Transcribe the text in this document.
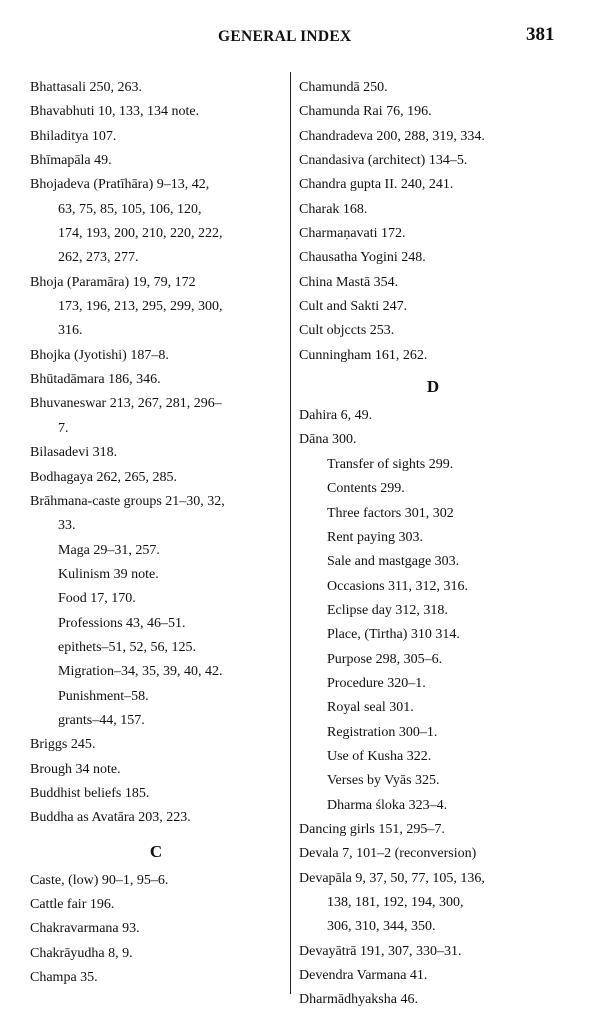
GENERAL INDEX	381
Bhattasali 250, 263.
Bhavabhuti 10, 133, 134 note.
Bhiladitya 107.
Bhīmapāla 49.
Bhojadeva (Pratīhāra) 9–13, 42,
63, 75, 85, 105, 106, 120,
174, 193, 200, 210, 220, 222,
262, 273, 277.
Bhoja (Paramāra) 19, 79, 172
173, 196, 213, 295, 299, 300,
316.
Bhojka (Jyotishi) 187–8.
Bhūtadāmara 186, 346.
Bhuvaneswar 213, 267, 281, 296–
7.
Bilasadevi 318.
Bodhagaya 262, 265, 285.
Brāhmana-caste groups 21–30, 32,
33.
Maga 29–31, 257.
Kulinism 39 note.
Food 17, 170.
Professions 43, 46–51.
epithets–51, 52, 56, 125.
Migration–34, 35, 39, 40, 42.
Punishment–58.
grants–44, 157.
Briggs 245.
Brough 34 note.
Buddhist beliefs 185.
Buddha as Avatāra 203, 223.
C
Caste, (low) 90–1, 95–6.
Cattle fair 196.
Chakravarmana 93.
Chakrāyudha 8, 9.
Champa 35.
Chamundā 250.
Chamunda Rai 76, 196.
Chandradeva 200, 288, 319, 334.
Cnandasiva (architect) 134–5.
Chandra gupta II. 240, 241.
Charak 168.
Charmaṇavati 172.
Chausatha Yogini 248.
China Mastā 354.
Cult and Sakti 247.
Cult objccts 253.
Cunningham 161, 262.
D
Dahira 6, 49.
Dāna 300.
Transfer of sights 299.
Contents 299.
Three factors 301, 302
Rent paying 303.
Sale and mastgage 303.
Occasions 311, 312, 316.
Eclipse day 312, 318.
Place, (Tirtha) 310 314.
Purpose 298, 305–6.
Procedure 320–1.
Royal seal 301.
Registration 300–1.
Use of Kusha 322.
Verses by Vyās 325.
Dharma śloka 323–4.
Dancing girls 151, 295–7.
Devala 7, 101–2 (reconversion)
Devapāla 9, 37, 50, 77, 105, 136,
138, 181, 192, 194, 300,
306, 310, 344, 350.
Devayātrā 191, 307, 330–31.
Devendra Varmana 41.
Dharmādhyaksha 46.
